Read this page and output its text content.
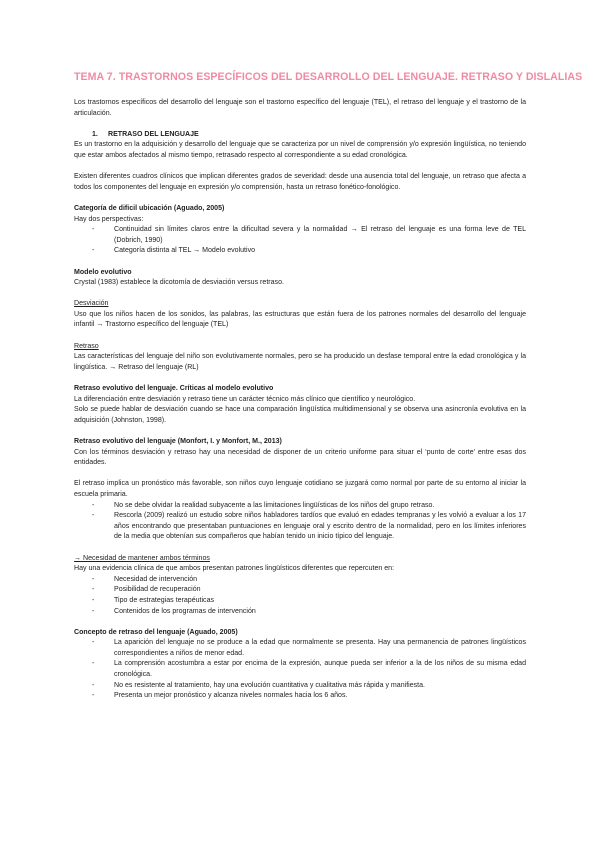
TEMA 7. TRASTORNOS ESPECÍFICOS DEL DESARROLLO DEL LENGUAJE. RETRASO Y DISLALIAS

Los trastornos específicos del desarrollo del lenguaje son el trastorno específico del lenguaje (TEL), el retraso del lenguaje y el trastorno de la articulación.

1. RETRASO DEL LENGUAJE

Es un trastorno en la adquisición y desarrollo del lenguaje que se caracteriza por un nivel de comprensión y/o expresión lingüística, no teniendo que estar ambos afectados al mismo tiempo, retrasado respecto al correspondiente a su edad cronológica.

Existen diferentes cuadros clínicos que implican diferentes grados de severidad: desde una ausencia total del lenguaje, un retraso que afecta a todos los componentes del lenguaje en expresión y/o comprensión, hasta un retraso fonético-fonológico.

Categoría de dificil ubicación (Aguado, 2005)

Hay dos perspectivas:

- Continuidad sin límites claros entre la dificultad severa y la normalidad → El retraso del lenguaje es una forma leve de TEL (Dobrich, 1990)
- Categoría distinta al TEL → Modelo evolutivo

Modelo evolutivo

Crystal (1983) establece la dicotomía de desviación versus retraso.

Desviación

Uso que los niños hacen de los sonidos, las palabras, las estructuras que están fuera de los patrones normales del desarrollo del lenguaje infantil → Trastorno específico del lenguaje (TEL)

Retraso

Las características del lenguaje del niño son evolutivamente normales, pero se ha producido un desfase temporal entre la edad cronológica y la lingüística. → Retraso del lenguaje (RL)

Retraso evolutivo del lenguaje. Críticas al modelo evolutivo

La diferenciación entre desviación y retraso tiene un carácter técnico más clínico que científico y neurológico.

Solo se puede hablar de desviación cuando se hace una comparación lingüística multidimensional y se observa una asincronía evolutiva en la adquisición (Johnston, 1998).

Retraso evolutivo del lenguaje (Monfort, I. y Monfort, M., 2013)

Con los términos desviación y retraso hay una necesidad de disponer de un criterio uniforme para situar el ‘punto de corte’ entre esas dos entidades.

El retraso implica un pronóstico más favorable, son niños cuyo lenguaje cotidiano se juzgará como normal por parte de su entorno al iniciar la escuela primaria.

- No se debe olvidar la realidad subyacente a las limitaciones lingüísticas de los niños del grupo retraso.
- Rescorla (2009) realizó un estudio sobre niños habladores tardíos que evaluó en edades tempranas y les volvió a evaluar a los 17 años encontrando que presentaban puntuaciones en lenguaje oral y escrito dentro de la normalidad, pero en los límites inferiores de la media que obtenían sus compañeros que habían tenido un inicio típico del lenguaje.

→ Necesidad de mantener ambos términos

Hay una evidencia clínica de que ambos presentan patrones lingüísticos diferentes que repercuten en:

- Necesidad de intervención
- Posibilidad de recuperación
- Tipo de estrategias terapéuticas
- Contenidos de los programas de intervención

Concepto de retraso del lenguaje (Aguado, 2005)

- La aparición del lenguaje no se produce a la edad que normalmente se presenta. Hay una permanencia de patrones lingüísticos correspondientes a niños de menor edad.
- La comprensión acostumbra a estar por encima de la expresión, aunque pueda ser inferior a la de los niños de su misma edad cronológica.
- No es resistente al tratamiento, hay una evolución cuantitativa y cualitativa más rápida y manifiesta.
- Presenta un mejor pronóstico y alcanza niveles normales hacia los 6 años.
